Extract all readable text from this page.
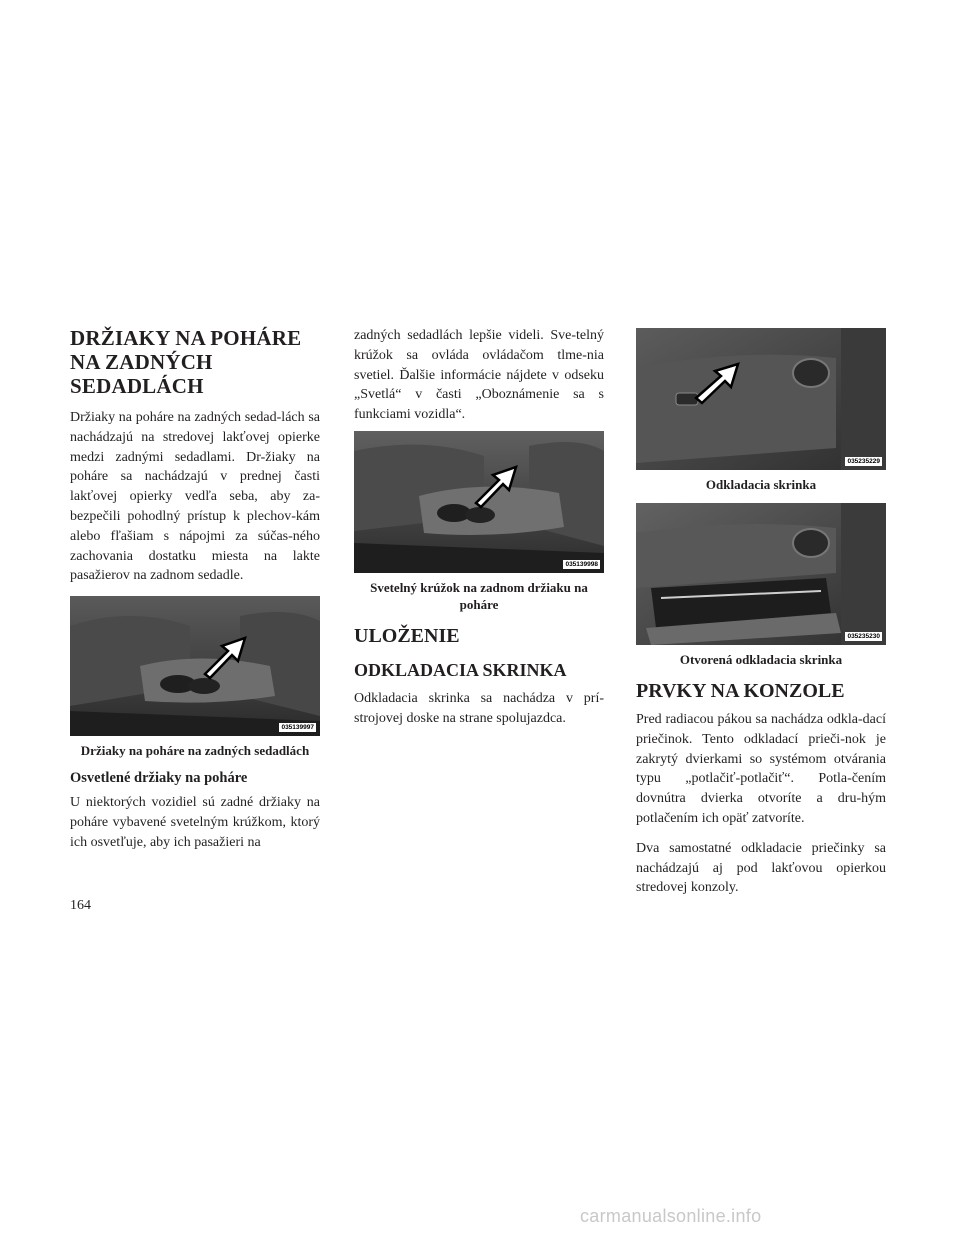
DRŽIAKY NA POHÁRE NA ZADNÝCH SEDADLÁCH

Držiaky na poháre na zadných sedad-lách sa nachádzajú na stredovej lakťovej opierke medzi zadnými sedadlami. Dr-žiaky na poháre sa nachádzajú v prednej časti lakťovej opierky vedľa seba, aby za-bezpečili pohodlný prístup k plechov-kám alebo fľašiam s nápojmi za súčas-ného zachovania dostatku miesta na lakte pasažierov na zadnom sedadle.

035139997
Držiaky na poháre na zadných sedadlách
Osvetlené držiaky na poháre

U niektorých vozidiel sú zadné držiaky na poháre vybavené svetelným krúžkom, ktorý ich osvetľuje, aby ich pasažieri na

zadných sedadlách lepšie videli. Sve-telný krúžok sa ovláda ovládačom tlme-nia svetiel. Ďalšie informácie nájdete v odseku „Svetlá“ v časti „Oboznámenie sa s funkciami vozidla“.

035139998
Svetelný krúžok na zadnom držiaku na poháre
ULOŽENIE
ODKLADACIA SKRINKA

Odkladacia skrinka sa nachádza v prí-strojovej doske na strane spolujazdca.

035235229
Odkladacia skrinka
035235230
Otvorená odkladacia skrinka
PRVKY NA KONZOLE

Pred radiacou pákou sa nachádza odkla-dací priečinok. Tento odkladací prieči-nok je zakrytý dvierkami so systémom otvárania typu „potlačiť-potlačiť“. Potla-čením dovnútra dvierka otvoríte a dru-hým potlačením ich opäť zatvoríte.

Dva samostatné odkladacie priečinky sa nachádzajú aj pod lakťovou opierkou stredovej konzoly.

164
carmanualsonline.info
